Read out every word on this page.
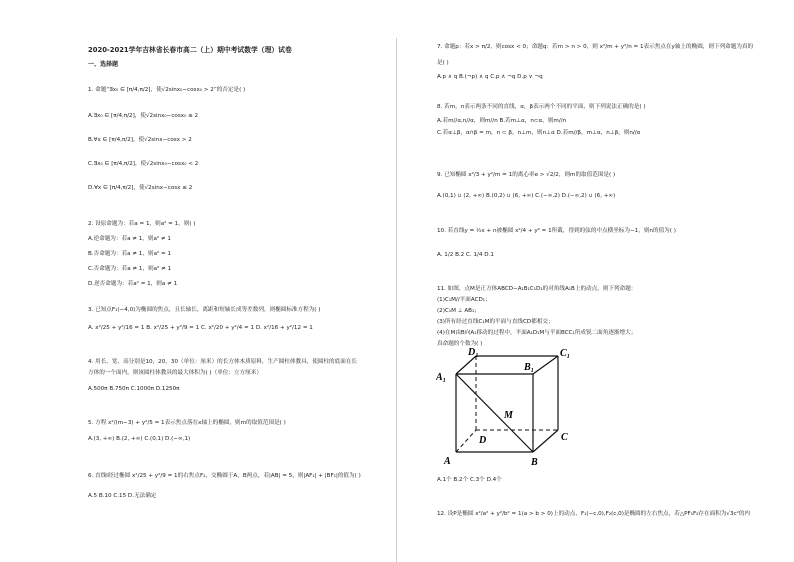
2020-2021学年吉林省长春市高二（上）期中考试数学（理）试卷
一、选择题
1. 命题“∃x₀ ∈ [π/4,π/2]，使√2sinx₀−cosx₀ > 2”的否定是( )
A.∃x₀ ∈ [π/4,π/2]，使√2sinx₀−cosx₀ ≤ 2
B.∀x ∈ [π/4,π/2]，使√2sinx−cosx > 2
C.∃x₀ ∈ [π/4,π/2]，使√2sinx₀−cosx₀ < 2
D.∀x ∈ [π/4,π/2]，使√2sinx−cosx ≤ 2
2. 设原命题为：若a = 1，则a² = 1，则( )
A.逆命题为：若a ≠ 1，则a² ≠ 1
B.否命题为：若a ≠ 1，则a² = 1
C.否命题为：若a ≠ 1，则a² ≠ 1
D.逆否命题为：若a² = 1，则a ≠ 1
3. 已知点F₁(−4,0)为椭圆的焦点，且长轴长，离距和短轴长成等差数列，则椭圆标准方程为( )
A. x²/25 + y²/16 = 1 B. x²/25 + y²/9 = 1 C. x²/20 + y²/4 = 1 D. x²/16 + y²/12 = 1
4. 用长、宽、高分别是10，20，30（单位：厘米）的长方体木质原料，生产圆柱体教具，使圆柱的底面在长
方体的一个面内，则该圆柱体教具的最大体积为( )（单位：立方厘米）
A.500π B.750π C.1000π D.1250π
5. 方程 x²/(m−3) + y²/5 = 1表示焦点落在x轴上的椭圆，则m的取值范围是( )
A.(3, +∞) B.(2, +∞) C.(0,1) D.(−∞,1)
6. 直线l经过椭圆 x²/25 + y²/9 = 1的右焦点F₂，交椭圆于A，B两点，若|AB| = 5，则|AF₁| + |BF₁|的值为( )
A.5 B.10 C.15 D.无法确定
7. 命题p：若x > π/2，则cosx < 0；命题q：若m > n > 0，则 x²/m + y²/n = 1表示焦点在y轴上的椭圆，则下列命题为真的
是( )
A.p ∧ q B.(¬p) ∧ q C.p ∧ ¬q D.p ∨ ¬q
8. 若m，n表示两条不同的直线，α，β表示两个不同的平面，则下列说法正确的是( )
A.若m//α,n//α，则m//n B.若m⊥α，n⊂α，则m//n
C.若α⊥β，α∩β = m，n ⊂ β，n⊥m，则n⊥α D.若m//β，m⊥α，n⊥β，则n//α
9. 已知椭圆 x²/3 + y²/m = 1的离心率e > √2/2，则m的取值范围是( )
A.(0,1) ∪ (2, +∞) B.(0,2) ∪ (6, +∞) C.(−∞,2) D.(−∞,2) ∪ (6, +∞)
10. 若直线y = ½x + n被椭圆 x²/4 + y² = 1所截，得到的弦的中点横坐标为−1，则n的值为( )
A. 1/2 B.2 C. 1/4 D.1
11. 如图，点M是正方体ABCD−A₁B₁C₁D₁的对角线A₁B上的动点，则下列命题：
(1)C₁M//平面ACD₁；
(2)C₁M ⊥ AB₁；
(3)所有经过直线C₁M的平面与直线CD都相交；
(4)在M由B向A₁移动的过程中，平面A₁D₁M与平面BCC₁所成锐二面角逐渐增大；
真命题的个数为( )
A.1个 B.2个 C.3个 D.4个
12. 设P是椭圆 x²/a² + y²/b² = 1(a > b > 0)上的动点，F₁(−c,0),F₂(c,0)是椭圆的左右焦点，若△PF₁F₂存在面积为√3c²的内
D₁	C₁
A₁
B₁
M
D	C
A	B
